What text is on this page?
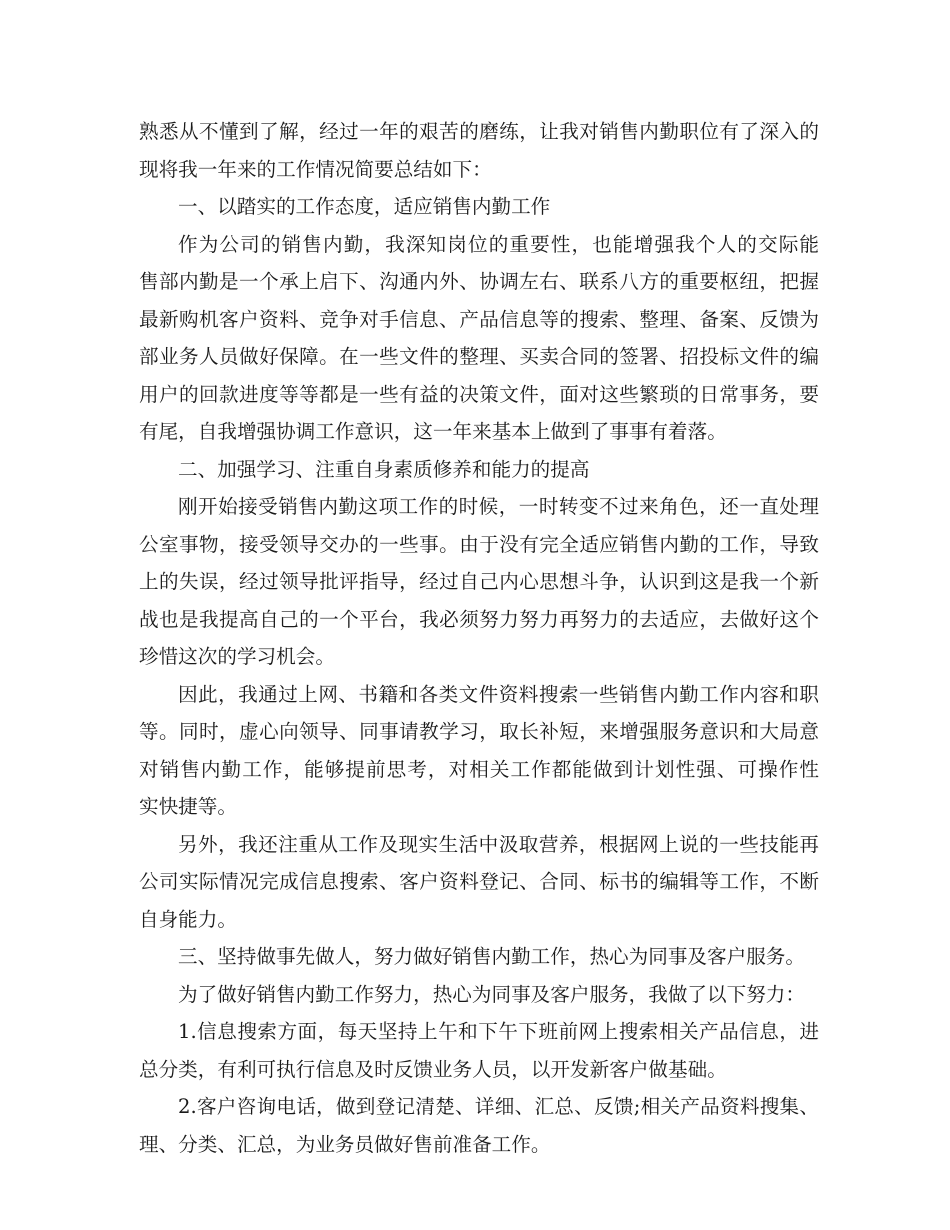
熟悉从不懂到了解，经过一年的艰苦的磨练，让我对销售内勤职位有了深入的
现将我一年来的工作情况简要总结如下：
一、以踏实的工作态度，适应销售内勤工作
作为公司的销售内勤，我深知岗位的重要性，也能增强我个人的交际能
售部内勤是一个承上启下、沟通内外、协调左右、联系八方的重要枢纽，把握
最新购机客户资料、竞争对手信息、产品信息等的搜索、整理、备案、反馈为
部业务人员做好保障。在一些文件的整理、买卖合同的签署、招投标文件的编
用户的回款进度等等都是一些有益的决策文件，面对这些繁琐的日常事务，要
有尾，自我增强协调工作意识，这一年来基本上做到了事事有着落。
二、加强学习、注重自身素质修养和能力的提高
刚开始接受销售内勤这项工作的时候，一时转变不过来角色，还一直处理
公室事物，接受领导交办的一些事。由于没有完全适应销售内勤的工作，导致
上的失误，经过领导批评指导，经过自己内心思想斗争，认识到这是我一个新
战也是我提高自己的一个平台，我必须努力努力再努力的去适应，去做好这个
珍惜这次的学习机会。
因此，我通过上网、书籍和各类文件资料搜索一些销售内勤工作内容和职
等。同时，虚心向领导、同事请教学习，取长补短，来增强服务意识和大局意
对销售内勤工作，能够提前思考，对相关工作都能做到计划性强、可操作性
实快捷等。
另外，我还注重从工作及现实生活中汲取营养，根据网上说的一些技能再
公司实际情况完成信息搜索、客户资料登记、合同、标书的编辑等工作，不断
自身能力。
三、坚持做事先做人，努力做好销售内勤工作，热心为同事及客户服务。
为了做好销售内勤工作努力，热心为同事及客户服务，我做了以下努力：
1.信息搜索方面，每天坚持上午和下午下班前网上搜索相关产品信息，进
总分类，有利可执行信息及时反馈业务人员，以开发新客户做基础。
2.客户咨询电话，做到登记清楚、详细、汇总、反馈;相关产品资料搜集、
理、分类、汇总，为业务员做好售前准备工作。
